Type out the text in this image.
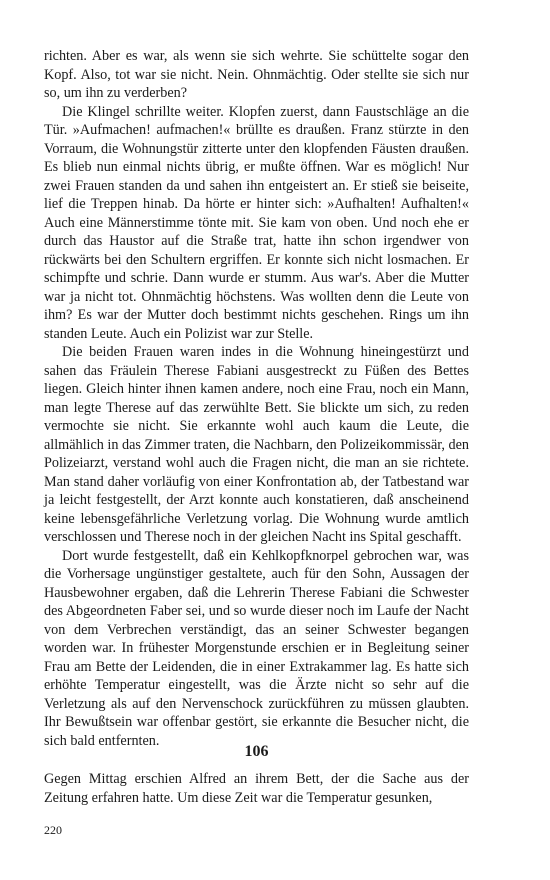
richten. Aber es war, als wenn sie sich wehrte. Sie schüttelte sogar den Kopf. Also, tot war sie nicht. Nein. Ohnmächtig. Oder stellte sie sich nur so, um ihn zu verderben?

Die Klingel schrillte weiter. Klopfen zuerst, dann Faustschläge an die Tür. »Aufmachen! aufmachen!« brüllte es draußen. Franz stürzte in den Vorraum, die Wohnungstür zitterte unter den klopfenden Fäusten draußen. Es blieb nun einmal nichts übrig, er mußte öffnen. War es möglich! Nur zwei Frauen standen da und sahen ihn entgeistert an. Er stieß sie beiseite, lief die Treppen hinab. Da hörte er hinter sich: »Aufhalten! Aufhalten!« Auch eine Männerstimme tönte mit. Sie kam von oben. Und noch ehe er durch das Haustor auf die Straße trat, hatte ihn schon irgendwer von rückwärts bei den Schultern ergriffen. Er konnte sich nicht losmachen. Er schimpfte und schrie. Dann wurde er stumm. Aus war's. Aber die Mutter war ja nicht tot. Ohnmächtig höchstens. Was wollten denn die Leute von ihm? Es war der Mutter doch bestimmt nichts geschehen. Rings um ihn standen Leute. Auch ein Polizist war zur Stelle.

Die beiden Frauen waren indes in die Wohnung hineingestürzt und sahen das Fräulein Therese Fabiani ausgestreckt zu Füßen des Bettes liegen. Gleich hinter ihnen kamen andere, noch eine Frau, noch ein Mann, man legte Therese auf das zerwühlte Bett. Sie blickte um sich, zu reden vermochte sie nicht. Sie erkannte wohl auch kaum die Leute, die allmählich in das Zimmer traten, die Nachbarn, den Polizeikommissär, den Polizeiarzt, verstand wohl auch die Fragen nicht, die man an sie richtete. Man stand daher vorläufig von einer Konfrontation ab, der Tatbestand war ja leicht festgestellt, der Arzt konnte auch konstatieren, daß anscheinend keine lebensgefährliche Verletzung vorlag. Die Wohnung wurde amtlich verschlossen und Therese noch in der gleichen Nacht ins Spital geschafft.

Dort wurde festgestellt, daß ein Kehlkopfknorpel gebrochen war, was die Vorhersage ungünstiger gestaltete, auch für den Sohn, Aussagen der Hausbewohner ergaben, daß die Lehrerin Therese Fabiani die Schwester des Abgeordneten Faber sei, und so wurde dieser noch im Laufe der Nacht von dem Verbrechen verständigt, das an seiner Schwester begangen worden war. In frühester Morgenstunde erschien er in Begleitung seiner Frau am Bette der Leidenden, die in einer Extrakammer lag. Es hatte sich erhöhte Temperatur eingestellt, was die Ärzte nicht so sehr auf die Verletzung als auf den Nervenschock zurückführen zu müssen glaubten. Ihr Bewußtsein war offenbar gestört, sie erkannte die Besucher nicht, die sich bald entfernten.

106

Gegen Mittag erschien Alfred an ihrem Bett, der die Sache aus der Zeitung erfahren hatte. Um diese Zeit war die Temperatur gesunken,

220
